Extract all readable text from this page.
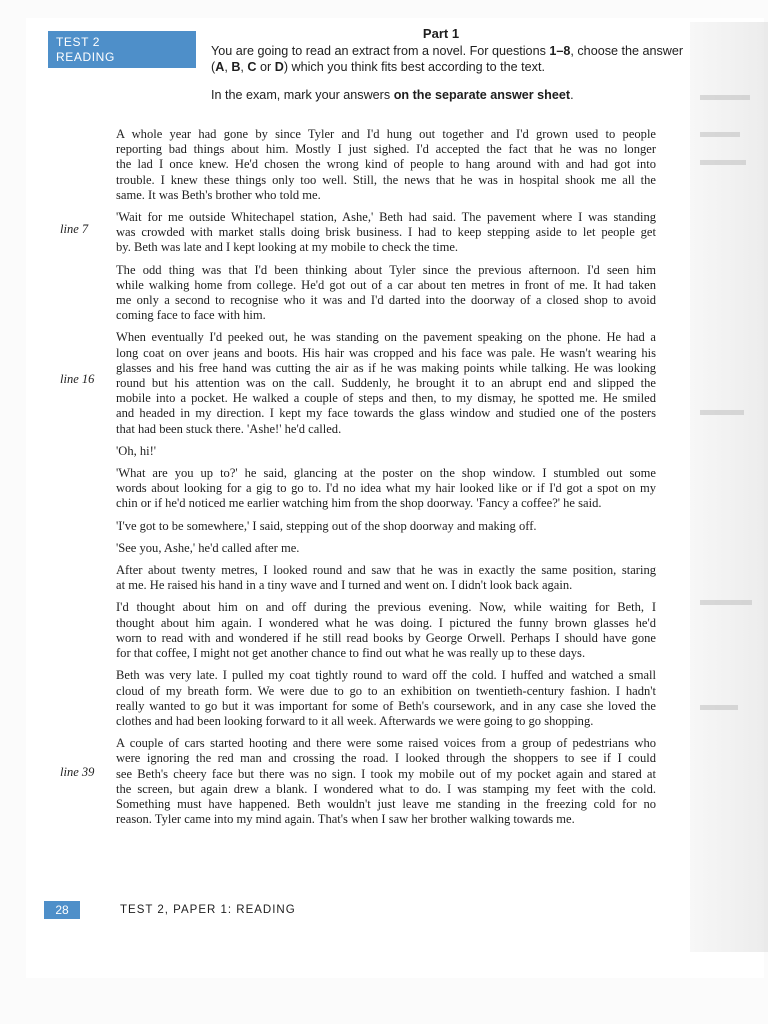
TEST 2
READING
Part 1
You are going to read an extract from a novel. For questions 1–8, choose the answer
(A, B, C or D) which you think fits best according to the text.
In the exam, mark your answers on the separate answer sheet.
line 7
line 16
line 39
A whole year had gone by since Tyler and I'd hung out together and I'd grown used to people
reporting bad things about him. Mostly I just sighed. I'd accepted the fact that he was no longer
the lad I once knew. He'd chosen the wrong kind of people to hang around with and had got into
trouble. I knew these things only too well. Still, the news that he was in hospital shook me all the
same. It was Beth's brother who told me.
'Wait for me outside Whitechapel station, Ashe,' Beth had said. The pavement where I was standing
was crowded with market stalls doing brisk business. I had to keep stepping aside to let people get
by. Beth was late and I kept looking at my mobile to check the time.
The odd thing was that I'd been thinking about Tyler since the previous afternoon. I'd seen him
while walking home from college. He'd got out of a car about ten metres in front of me. It had taken
me only a second to recognise who it was and I'd darted into the doorway of a closed shop to avoid
coming face to face with him.
When eventually I'd peeked out, he was standing on the pavement speaking on the phone. He had a
long coat on over jeans and boots. His hair was cropped and his face was pale. He wasn't wearing his
glasses and his free hand was cutting the air as if he was making points while talking. He was looking
round but his attention was on the call. Suddenly, he brought it to an abrupt end and slipped the
mobile into a pocket. He walked a couple of steps and then, to my dismay, he spotted me. He smiled
and headed in my direction. I kept my face towards the glass window and studied one of the posters
that had been stuck there. 'Ashe!' he'd called.
'Oh, hi!'
'What are you up to?' he said, glancing at the poster on the shop window. I stumbled out some
words about looking for a gig to go to. I'd no idea what my hair looked like or if I'd got a spot on my
chin or if he'd noticed me earlier watching him from the shop doorway. 'Fancy a coffee?' he said.
'I've got to be somewhere,' I said, stepping out of the shop doorway and making off.
'See you, Ashe,' he'd called after me.
After about twenty metres, I looked round and saw that he was in exactly the same position, staring
at me. He raised his hand in a tiny wave and I turned and went on. I didn't look back again.
I'd thought about him on and off during the previous evening. Now, while waiting for Beth, I
thought about him again. I wondered what he was doing. I pictured the funny brown glasses he'd
worn to read with and wondered if he still read books by George Orwell. Perhaps I should have gone
for that coffee, I might not get another chance to find out what he was really up to these days.
Beth was very late. I pulled my coat tightly round to ward off the cold. I huffed and watched a small
cloud of my breath form. We were due to go to an exhibition on twentieth-century fashion. I hadn't
really wanted to go but it was important for some of Beth's coursework, and in any case she loved the
clothes and had been looking forward to it all week. Afterwards we were going to go shopping.
A couple of cars started hooting and there were some raised voices from a group of pedestrians who
were ignoring the red man and crossing the road. I looked through the shoppers to see if I could
see Beth's cheery face but there was no sign. I took my mobile out of my pocket again and stared at
the screen, but again drew a blank. I wondered what to do. I was stamping my feet with the cold.
Something must have happened. Beth wouldn't just leave me standing in the freezing cold for no
reason. Tyler came into my mind again. That's when I saw her brother walking towards me.
28	TEST 2, PAPER 1: READING
